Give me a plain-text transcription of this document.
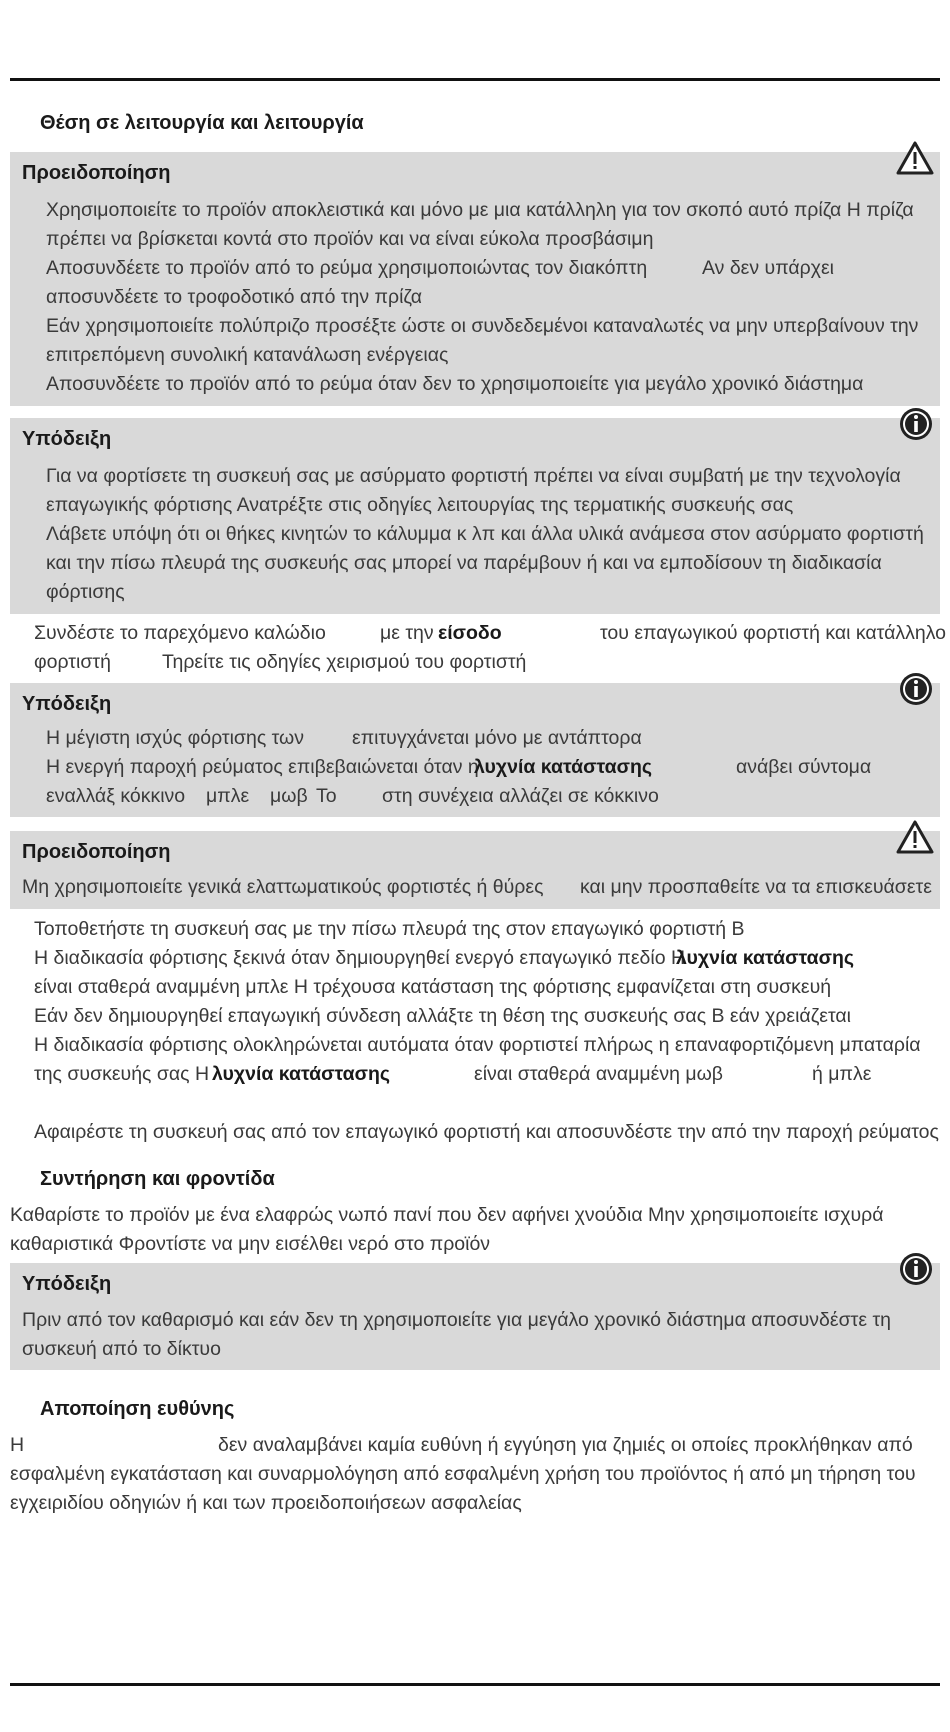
Θέση σε λειτουργία και λειτουργία
Προειδοποίηση
Χρησιμοποιείτε το προϊόν αποκλειστικά και μόνο με μια κατάλληλη για τον σκοπό αυτό πρίζα Η πρίζα
πρέπει να βρίσκεται κοντά στο προϊόν και να είναι εύκολα προσβάσιμη
Αποσυνδέετε το προϊόν από το ρεύμα χρησιμοποιώντας τον διακόπτη	Αν δεν υπάρχει
αποσυνδέετε το τροφοδοτικό από την πρίζα
Εάν χρησιμοποιείτε πολύπριζο προσέξτε ώστε οι συνδεδεμένοι καταναλωτές να μην υπερβαίνουν την
επιτρεπόμενη συνολική κατανάλωση ενέργειας
Αποσυνδέετε το προϊόν από το ρεύμα όταν δεν το χρησιμοποιείτε για μεγάλο χρονικό διάστημα
Υπόδειξη
Για να φορτίσετε τη συσκευή σας με ασύρματο φορτιστή πρέπει να είναι συμβατή με την τεχνολογία
επαγωγικής φόρτισης Ανατρέξτε στις οδηγίες λειτουργίας της τερματικής συσκευής σας
Λάβετε υπόψη ότι οι θήκες κινητών το κάλυμμα κ λπ και άλλα υλικά ανάμεσα στον ασύρματο φορτιστή
και την πίσω πλευρά της συσκευής σας μπορεί να παρέμβουν ή και να εμποδίσουν τη διαδικασία
φόρτισης
Συνδέστε το παρεχόμενο καλώδιο	με την είσοδο	του επαγωγικού φορτιστή και κατάλληλο
φορτιστή	Τηρείτε τις οδηγίες χειρισμού του φορτιστή
Υπόδειξη
Η μέγιστη ισχύς φόρτισης των επιτυγχάνεται μόνο με αντάπτορα
Η ενεργή παροχή ρεύματος επιβεβαιώνεται όταν η
λυχνία κατάστασης	ανάβει σύντομα
εναλλάξ κόκκινο μπλε μωβ Το στη συνέχεια αλλάζει σε κόκκινο
Προειδοποίηση
Μη χρησιμοποιείτε γενικά ελαττωματικούς φορτιστές ή θύρες και μην προσπαθείτε να τα επισκευάσετε
Τοποθετήστε τη συσκευή σας με την πίσω πλευρά της στον επαγωγικό φορτιστή Β
Η διαδικασία φόρτισης ξεκινά όταν δημιουργηθεί ενεργό επαγωγικό πεδίο Η
λυχνία κατάστασης
είναι σταθερά αναμμένη μπλε Η τρέχουσα κατάσταση της φόρτισης εμφανίζεται στη συσκευή
Εάν δεν δημιουργηθεί επαγωγική σύνδεση αλλάξτε τη θέση της συσκευής σας Β εάν χρειάζεται
Η διαδικασία φόρτισης ολοκληρώνεται αυτόματα όταν φορτιστεί πλήρως η επαναφορτιζόμενη μπαταρία
της συσκευής σας Η λυχνία κατάστασης	είναι σταθερά αναμμένη μωβ	ή μπλε
Αφαιρέστε τη συσκευή σας από τον επαγωγικό φορτιστή και αποσυνδέστε την από την παροχή ρεύματος
Συντήρηση και φροντίδα
Καθαρίστε το προϊόν με ένα ελαφρώς νωπό πανί που δεν αφήνει χνούδια Μην χρησιμοποιείτε ισχυρά
καθαριστικά Φροντίστε να μην εισέλθει νερό στο προϊόν
Υπόδειξη
Πριν από τον καθαρισμό και εάν δεν τη χρησιμοποιείτε για μεγάλο χρονικό διάστημα αποσυνδέστε τη
συσκευή από το δίκτυο
Αποποίηση ευθύνης
Η	δεν αναλαμβάνει καμία ευθύνη ή εγγύηση για ζημιές οι οποίες προκλήθηκαν από
εσφαλμένη εγκατάσταση και συναρμολόγηση από εσφαλμένη χρήση του προϊόντος ή από μη τήρηση του
εγχειριδίου οδηγιών ή και των προειδοποιήσεων ασφαλείας
